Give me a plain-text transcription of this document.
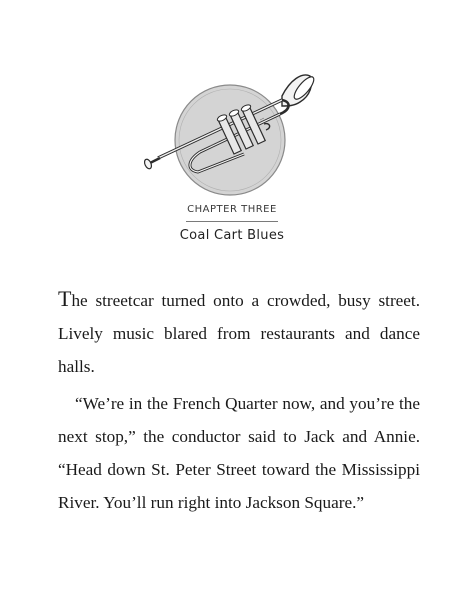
CHAPTER THREE
Coal Cart Blues

The streetcar turned onto a crowded, busy street. Lively music blared from restaurants and dance halls.

“We’re in the French Quarter now, and you’re the next stop,” the conductor said to Jack and Annie. “Head down St. Peter Street toward the Mississippi River. You’ll run right into Jackson Square.”
